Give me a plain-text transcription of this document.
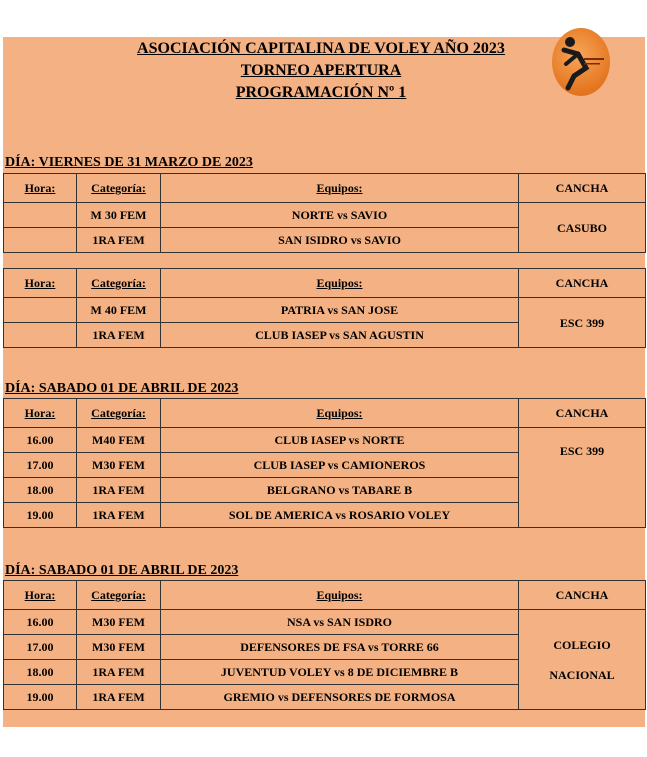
ASOCIACIÓN CAPITALINA DE VOLEY AÑO 2023
TORNEO APERTURA
PROGRAMACIÓN Nº 1
DÍA: VIERNES DE 31 MARZO DE 2023
Hora:	Categoría:	Equipos:	CANCHA
	M 30 FEM	NORTE vs SAVIO	CASUBO
	1RA FEM	SAN ISIDRO vs SAVIO	
Hora:	Categoría:	Equipos:	CANCHA
	M 40 FEM	PATRIA vs SAN JOSE	ESC 399
	1RA FEM	CLUB IASEP vs SAN AGUSTIN	
DÍA: SABADO 01 DE ABRIL DE 2023
Hora:	Categoría:	Equipos:	CANCHA
16.00	M40 FEM	CLUB IASEP vs NORTE	ESC 399
17.00	M30 FEM	CLUB IASEP vs CAMIONEROS	
18.00	1RA FEM	BELGRANO vs TABARE B	
19.00	1RA FEM	SOL DE AMERICA vs ROSARIO VOLEY	
DÍA: SABADO 01 DE ABRIL DE 2023
Hora:	Categoría:	Equipos:	CANCHA
16.00	M30 FEM	NSA vs SAN ISDRO	COLEGIO
NACIONAL

17.00	M30 FEM	DEFENSORES DE FSA vs TORRE 66	
18.00	1RA FEM	JUVENTUD VOLEY vs 8 DE DICIEMBRE B	
19.00	1RA FEM	GREMIO vs DEFENSORES DE FORMOSA	
